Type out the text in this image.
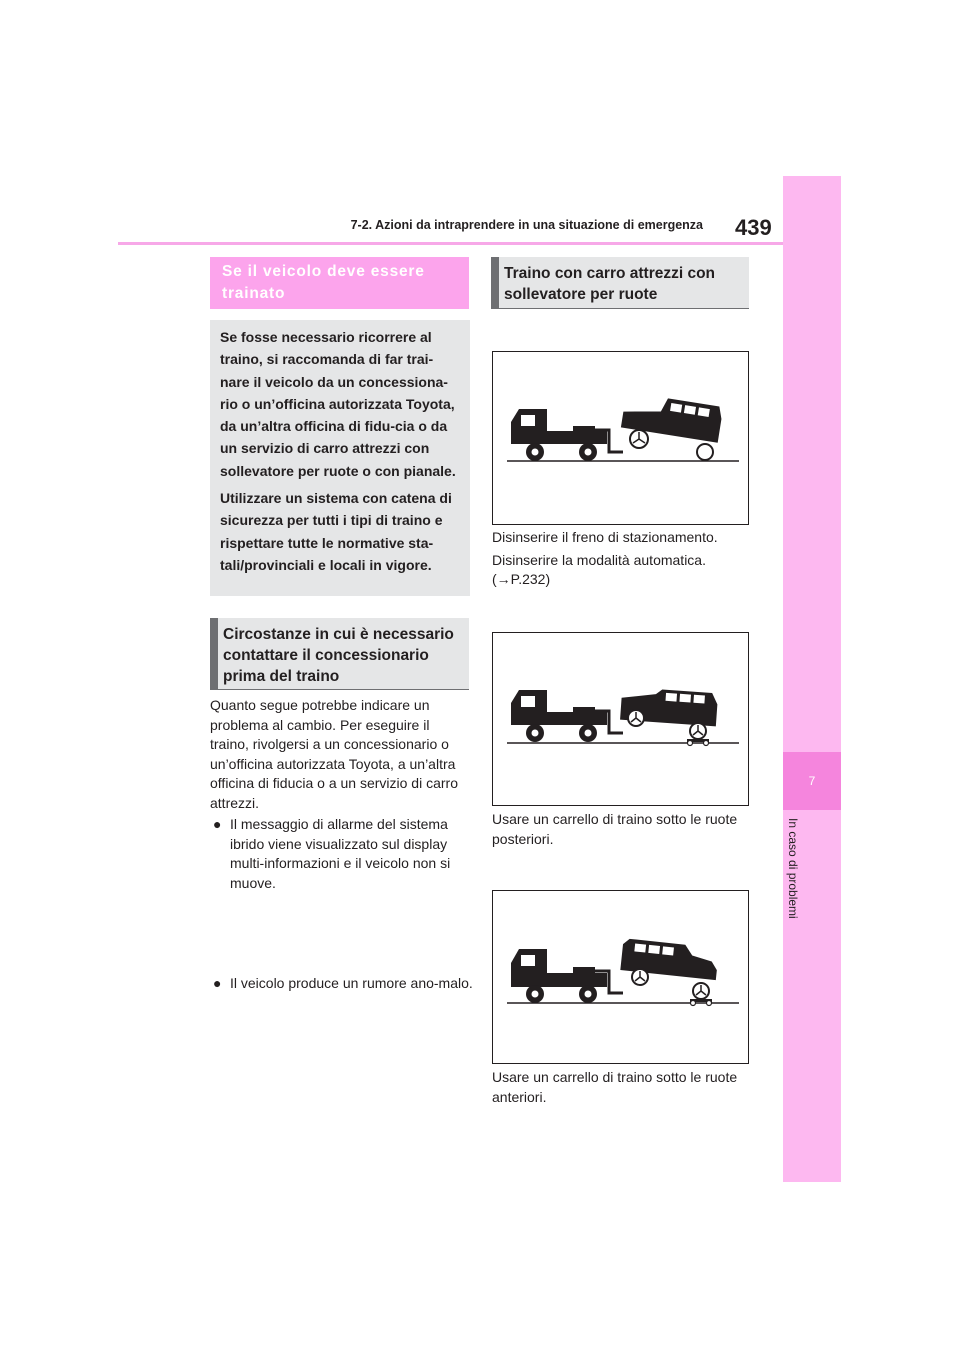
7-2. Azioni da intraprendere in una situazione di emergenza 439
7
In caso di problemi
Se il veicolo deve essere trainato

Se fosse necessario ricorrere al traino, si raccomanda di far trai-nare il veicolo da un concessiona-rio o un’officina autorizzata Toyota, da un’altra officina di fidu-cia o da un servizio di carro attrezzi con sollevatore per ruote o con pianale.

Utilizzare un sistema con catena di sicurezza per tutti i tipi di traino e rispettare tutte le normative sta-tali/provinciali e locali in vigore.

Circostanze in cui è necessario contattare il concessionario prima del traino
Quanto segue potrebbe indicare un problema al cambio. Per eseguire il traino, rivolgersi a un concessionario o un’officina autorizzata Toyota, a un’altra officina di fiducia o a un servizio di carro attrezzi.
● Il messaggio di allarme del sistema ibrido viene visualizzato sul display multi-informazioni e il veicolo non si muove.
● Il veicolo produce un rumore ano-malo.
Traino con carro attrezzi con sollevatore per ruote
Disinserire il freno di stazionamento.
Disinserire la modalità automatica.
(→P.232)
Usare un carrello di traino sotto le ruote posteriori.
Usare un carrello di traino sotto le ruote anteriori.
